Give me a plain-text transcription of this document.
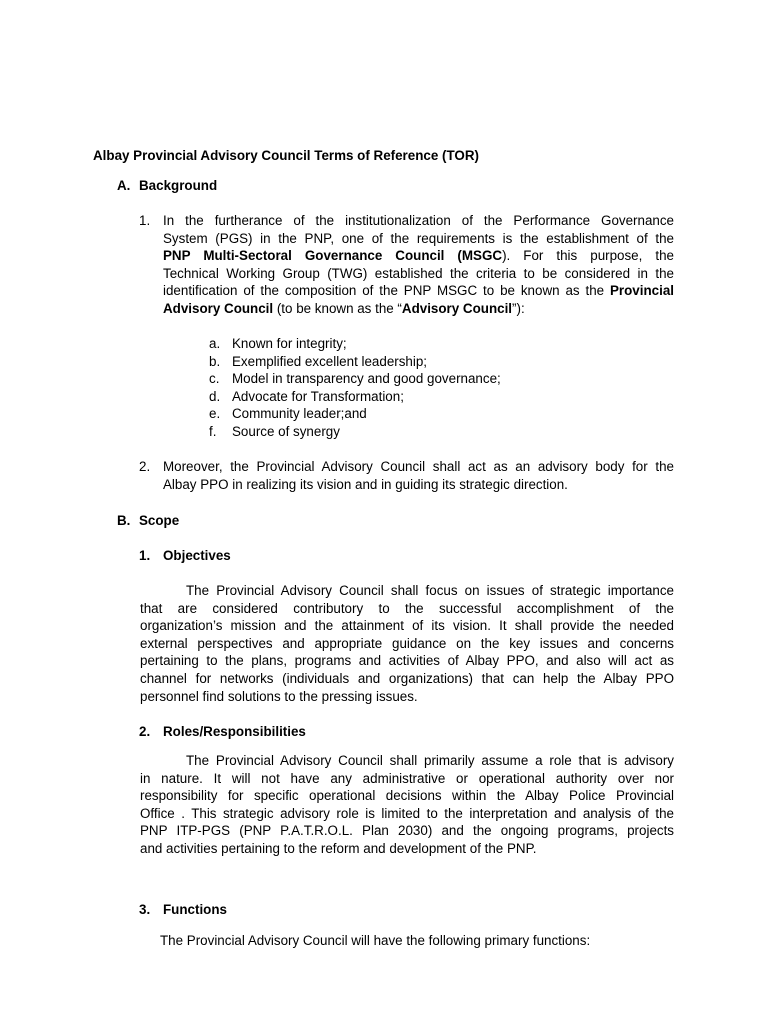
Albay Provincial Advisory Council Terms of Reference (TOR)
A. Background
1. In the furtherance of the institutionalization of the Performance Governance
System (PGS) in the PNP, one of the requirements is the establishment of the
PNP Multi-Sectoral Governance Council (MSGC). For this purpose, the
Technical Working Group (TWG) established the criteria to be considered in the
identification of the composition of the PNP MSGC to be known as the Provincial
Advisory Council (to be known as the “Advisory Council”):
a. Known for integrity;
b. Exemplified excellent leadership;
c. Model in transparency and good governance;
d. Advocate for Transformation;
e. Community leader;and
f. Source of synergy
2. Moreover, the Provincial Advisory Council shall act as an advisory body for the
Albay PPO in realizing its vision and in guiding its strategic direction.
B. Scope
1. Objectives
The Provincial Advisory Council shall focus on issues of strategic importance
that are considered contributory to the successful accomplishment of the
organization’s mission and the attainment of its vision. It shall provide the needed
external perspectives and appropriate guidance on the key issues and concerns
pertaining to the plans, programs and activities of Albay PPO, and also will act as
channel for networks (individuals and organizations) that can help the Albay PPO
personnel find solutions to the pressing issues.
2. Roles/Responsibilities
The Provincial Advisory Council shall primarily assume a role that is advisory
in nature. It will not have any administrative or operational authority over nor
responsibility for specific operational decisions within the Albay Police Provincial
Office . This strategic advisory role is limited to the interpretation and analysis of the
PNP ITP-PGS (PNP P.A.T.R.O.L. Plan 2030) and the ongoing programs, projects
and activities pertaining to the reform and development of the PNP.
3. Functions
The Provincial Advisory Council will have the following primary functions:
